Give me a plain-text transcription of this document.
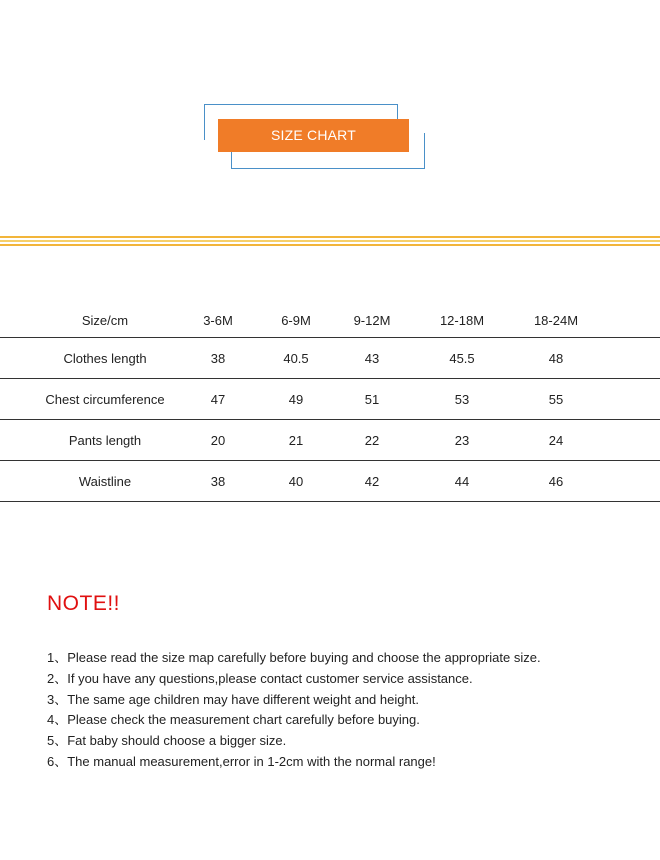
SIZE CHART
Size/cm	3-6M	6-9M	9-12M	12-18M	18-24M
Clothes length	38	40.5	43	45.5	48
Chest circumference	47	49	51	53	55
Pants length	20	21	22	23	24
Waistline	38	40	42	44	46
NOTE!!
1、Please read the size map carefully before buying and choose the appropriate size.
2、If you have any questions,please contact customer service assistance.
3、The same age children may have different weight and height.
4、Please check the measurement chart carefully before buying.
5、Fat baby should choose a bigger size.
6、The manual measurement,error in 1-2cm with the normal range!
